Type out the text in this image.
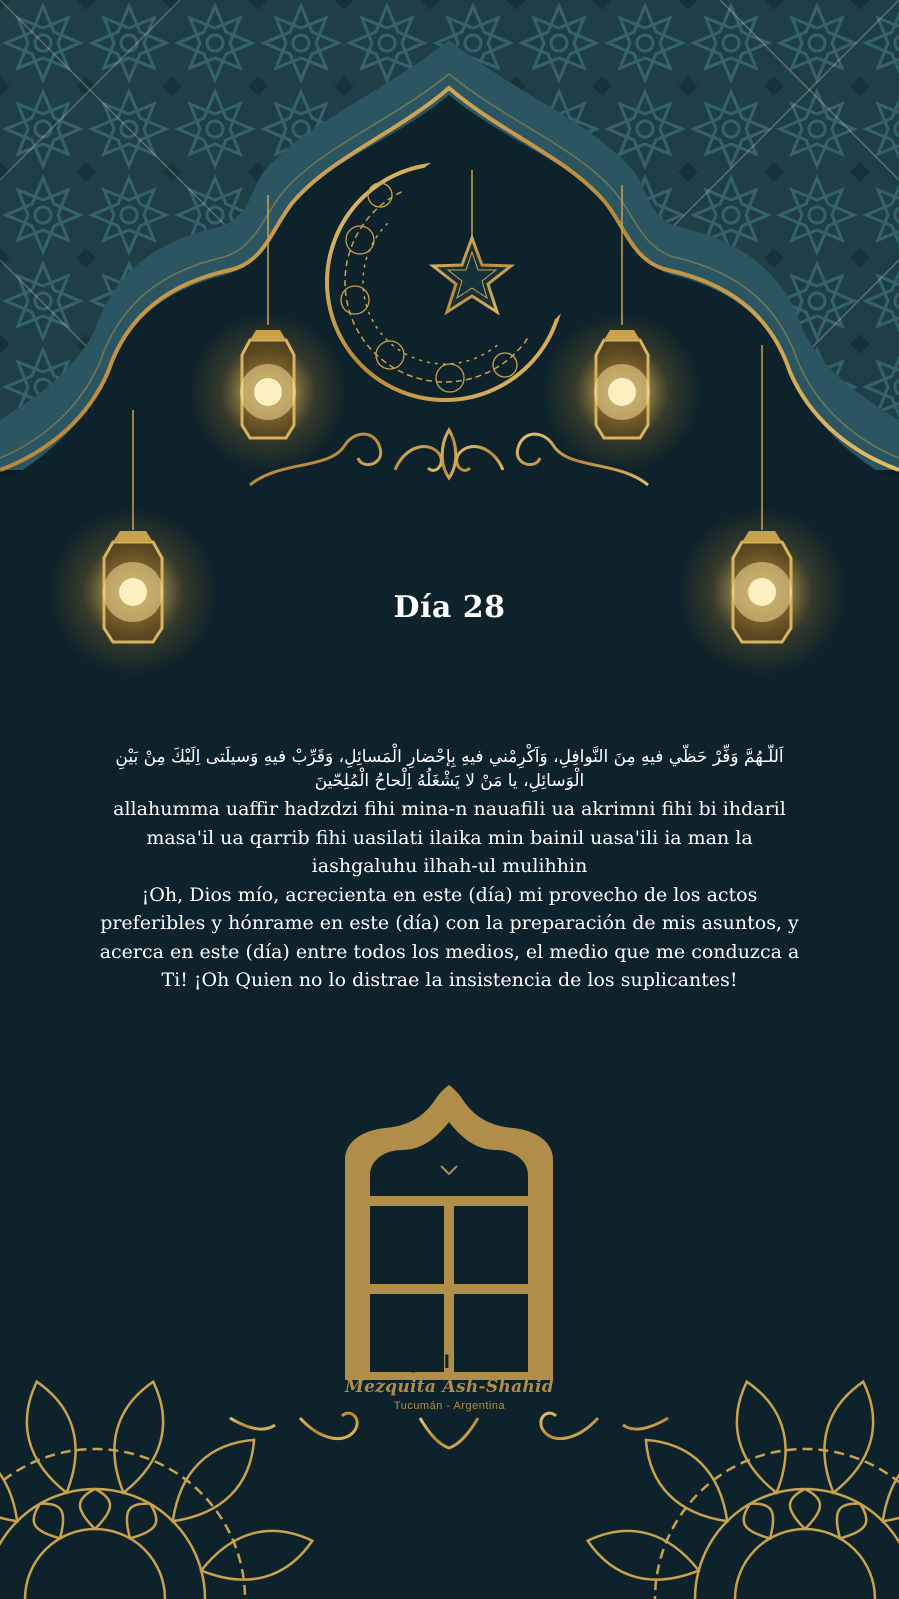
Día 28

اَللّـهُمَّ وَفِّرْ حَظّي فيهِ مِنَ النَّوافِلِ، وَاَكْرِمْني فيهِ بِإحْضارِ الْمَسائِلِ، وَقَرِّبْ فيهِ وَسيلَتى اِلَيْكَ مِنْ بَيْنِ الْوَسائِلِ، يا مَنْ لا يَشْغَلُهُ اِلْحاحُ الْمُلِحّينَ

allahumma uaffir hadzdzi fihi mina-n nauafili ua akrimni fihi bi ihdaril masa'il ua qarrib fihi uasilati ilaika min bainil uasa'ili ia man la iashgaluhu ilhah-ul mulihhin

¡Oh, Dios mío, acrecienta en este (día) mi provecho de los actos preferibles y hónrame en este (día) con la preparación de mis asuntos, y acerca en este (día) entre todos los medios, el medio que me conduzca a Ti! ¡Oh Quien no lo distrae la insistencia de los suplicantes!

مسجد الشهيد
Mezquita Ash-Shahid
Tucumán - Argentina
